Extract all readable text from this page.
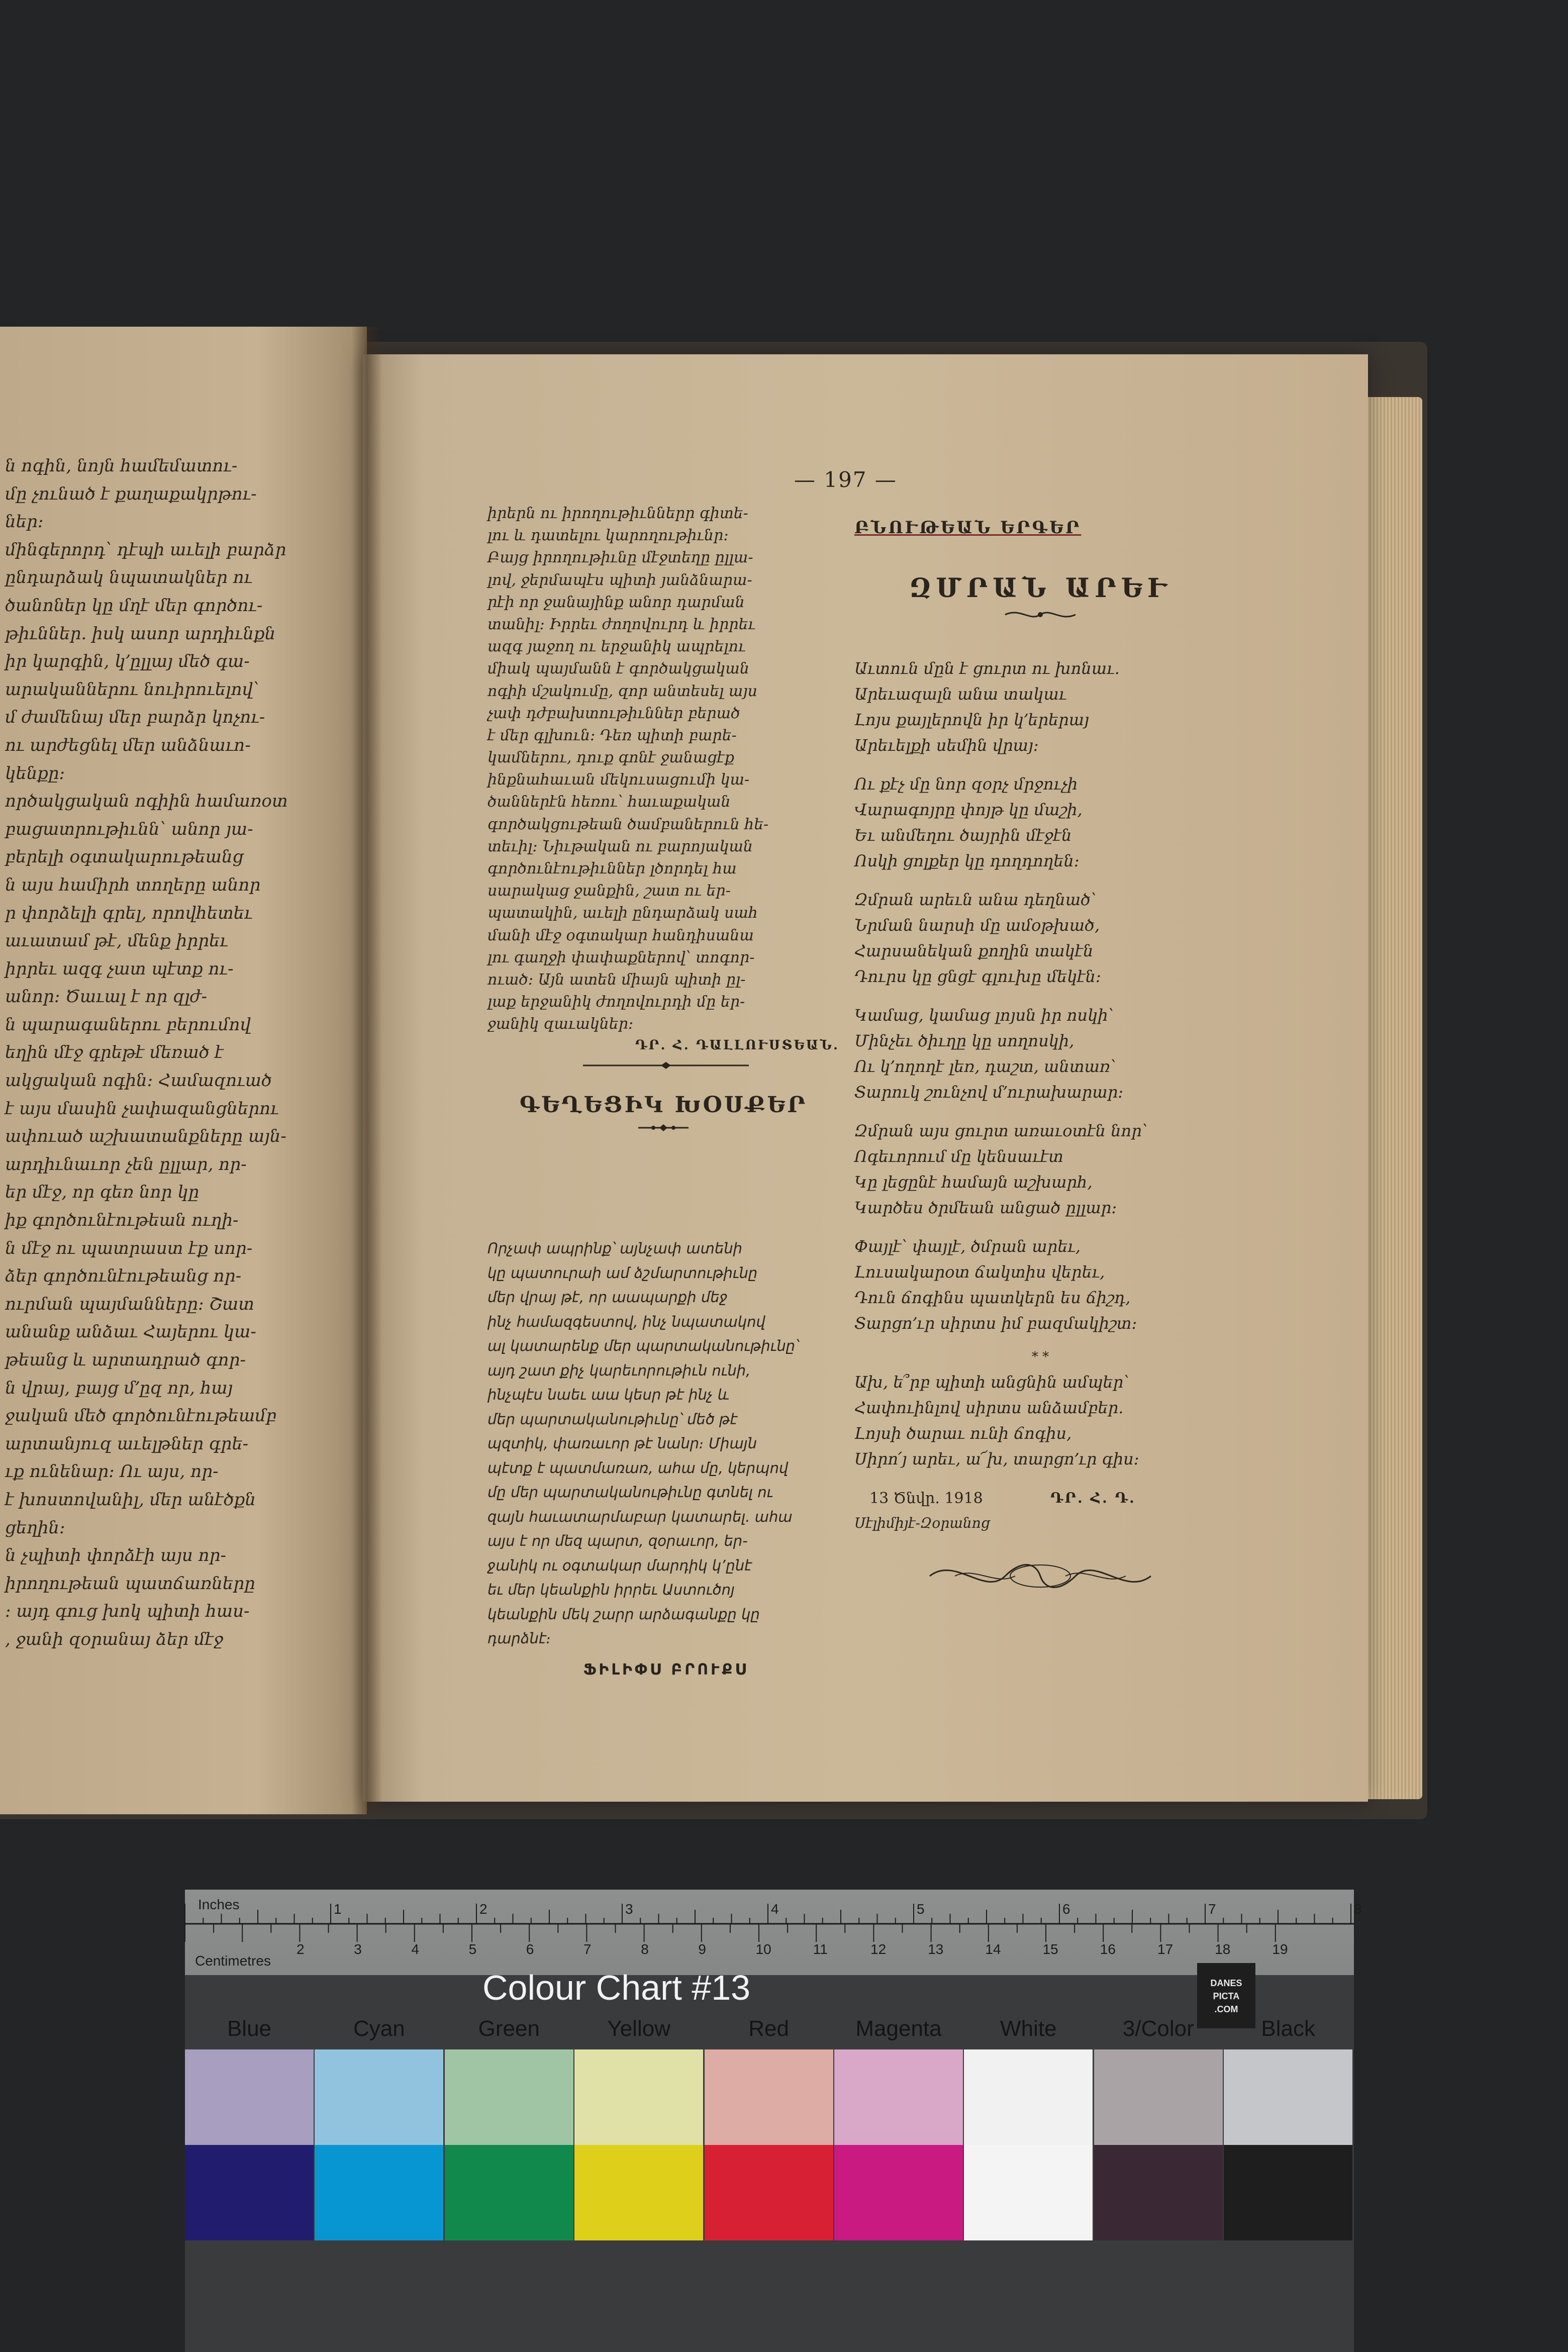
ն ոգին, նոյն համեմատու-
մը չունած է քաղաքակրթու-
ներ։
մինգերորդ՝ դէպի աւելի բարձր
ընդարձակ նպատակներ ու
ծանոներ կը մղէ մեր գործու-
թիւններ. իսկ ասոր արդիւնքն
իր կարգին, կ՚ըլլայ մեծ գա-
արականներու նուիրուելով՝
մ ժամենայ մեր բարձր կոչու-
ու արժեցնել մեր անձնաւո-
կենքը։
ործակցական ոգիին համառօտ
բացատրութիւնն՝ անոր յա-
բերելի օգտակարութեանց
ն այս համիրհ տողերը անոր
ր փորձելի գրել, որովհետեւ
աւատամ թէ, մենք իրրեւ
իրրեւ ազգ չատ պէտք ու-
անոր։ Ծաւալ է որ զլժ-
ն պարագաներու բերումով
եղին մէջ գրեթէ մեռած է
ակցական ոգին։ Համազուած
է այս մասին չափազանցներու
ափուած աշխատանքները այն-
արդիւնաւոր չեն ըլլար, որ-
եր մէջ, որ գեռ նոր կը
իք գործունէութեան ուղի-
ն մէջ ու պատրաստ էք սոր-
ձեր գործունէութեանց որ-
ուրման պայմանները։ Շատ
անանք անձաւ Հայերու կա-
թեանց և արտադրած գոր-
ն վրայ, բայց մ՚ըզ որ, հայ
ջական մեծ գործունէութեամբ
արտանյուզ աւելթներ գրե-
ւք ունենար։ Ու այս, որ-
է խոստովանիլ, մեր անէծքն
ցեղին։
ն չպիտի փորձէի այս որ-
իրողութեան պատճառները
։ այդ գուց խոկ պիտի հաս-
, ջանի զօրանայ ձեր մէջ
— 197 —
իրերն ու իրողութիւններր գիտե-
լու և դատելու կարողութիւնր։
Բայց իրողութիւնը մէջտեղը ըլլա-
լով, ջերմապէս պիտի յանձնարա-
րէի որ ջանայինք անոր դարման
տանիլ։ Իրրեւ ժողովուրդ և իրրեւ
ազգ յաջող ու երջանիկ ապրելու
միակ պայմանն է գործակցական
ոգիի մշակումը, զոր անտեսել այս
չափ դժբախտութիւններ բերած
է մեր գլխուն։ Դեռ պիտի բարե-
կամներու, դուք գոնէ ջանացէք
ինքնահաւան մեկուսացումի կա-
ծաններէն հեռու՝ հաւաքական
գործակցութեան ծամբաներուն հե-
տեւիլ։ Նիւթական ու բարոյական
գործունէութիւններ լծորդել հա
սարակաց ջանքին, շատ ու եր-
պատակին, աւելի ընդարձակ սահ
մանի մէջ օգտակար հանդիսանա
լու գաղջի փափաքներով՝ տոգոր-
ուած։ Այն ատեն միայն պիտի ըլ-
լաք երջանիկ ժողովուրդի մը եր-
ջանիկ զաւակներ։
ԴՐ. Հ. ԴԱԼԼՈՒՍՏԵԱՆ.
ԳԵՂԵՑԻԿ ԽՕՍՔԵՐ
Որչափ ապրինք՝ այնչափ ատենի
կը պատուրաի ամ ձշմարտութիւնը
մեր վրայ թէ, որ աապարքի մեջ
ինչ համազգեստով, ինչ նպատակով
ալ կատարենք մեր պարտականութիւնը՝
այդ շատ քիչ կարեւորութիւն ունի,
ինչպէս նաեւ աա կեսր թէ ինչ և
մեր պարտականութիւնը՝ մեծ թէ
պզտիկ, փառաւոր թէ նանր։ Միայն
պէտք է պատմառառ, ահա մը, կերպով
մը մեր պարտականութիւնը գտնել ու
զայն հաւատարմաբար կատարել. ահա
այս է որ մեզ պարտ, զօրաւոր, եր-
ջանիկ ու օգտակար մարդիկ կ՚ընէ
եւ մեր կեանքին իրրեւ Աստուծոյ
կեանքին մեկ շարր արձագանքը կը
դարձնէ։
ՖԻԼԻՓՍ ԲՐՈՒՔՍ
ԲՆՈՒԹԵԱՆ ԵՐԳԵՐ
ԶՄՐԱՆ ԱՐԵՒ
Աւտուն մըն է ցուրտ ու խոնաւ.
Արեւազալն անա տակաւ
Լոյս քայլերովն իր կ՚երերայ
Արեւելքի սեմին վրայ։
Ու քէչ մը նոր զօրչ մրջուչի
Վարագոյրը փոյթ կը մաշի,
Եւ անմեղու ծայրին մէջէն
Ոսկի ցոլքեր կը դողդողեն։
Զմրան արեւն անա դեղնած՝
Նրման նարսի մը ամօթխած,
Հարսանեկան քողին տակէն
Դուրս կը ցնցէ գլուխը մեկէն։
Կամաց, կամաց լոյսն իր ոսկի՝
Մինչեւ ծիւղը կը սողոսկի,
Ու կ՚ողողէ լեռ, դաշտ, անտառ՝
Տարուկ շունչով մ՚ուրախարար։
Զմրան այս ցուրտ առաւօտէն նոր՝
Ոգեւորում մը կենսաւէտ
Կը լեցընէ համայն աշխարհ,
Կարծես ծրմեան անցած ըլլար։
Փայլէ՝ փայլէ, ծմրան արեւ,
Լուսակարօտ ճակտիս վերեւ,
Դուն ճոգինս պատկերն ես ճիշդ,
Տարցո՚ւր սիրտս իմ բազմակիշտ։
* *
Ախ, ե՞րբ պիտի անցնին ամպեր՝
Հափուինլով սիրտս անձամբեր.
Լոյսի ծարաւ ունի ճոգիս,
Սիրո՛յ արեւ, ա՜խ, տարցո՚ւր գիս։
13 Ծնվր. 1918	ԴՐ. Հ. Դ.
Սէլիմիյէ-Զօրանոց
1	2	3	4	5	6	7	8
2	3	4	5	6	7	8	9	10	11	12	13	14	15	16	17	18	19
Inches
Centimetres
Colour Chart #13	DANES
PICTA
.COM
Blue	Cyan	Green	Yellow	Red	Magenta	White	3/Color	Black
